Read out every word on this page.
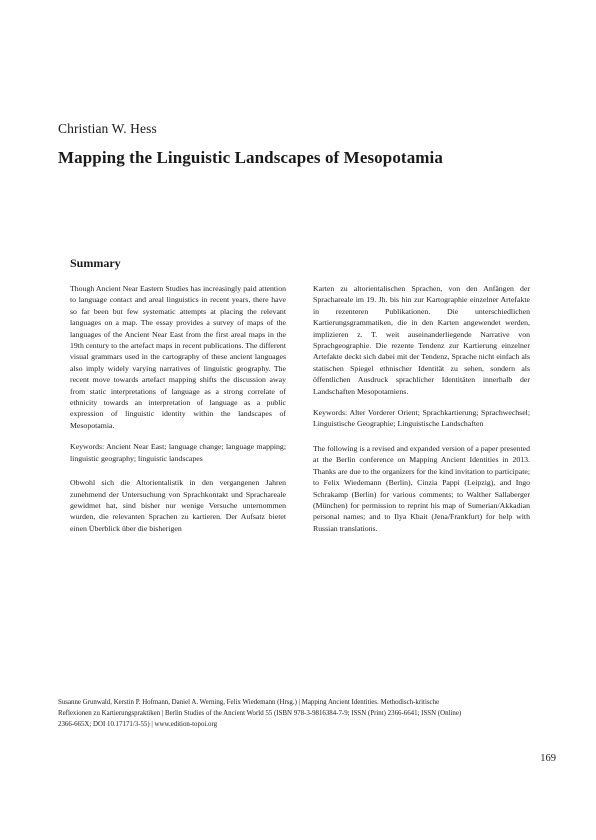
Christian W. Hess
Mapping the Linguistic Landscapes of Mesopotamia
Summary

Though Ancient Near Eastern Studies has increasingly paid attention to language contact and areal linguistics in recent years, there have so far been but few systematic attempts at placing the relevant languages on a map. The essay provides a survey of maps of the languages of the Ancient Near East from the first areal maps in the 19th century to the artefact maps in recent publications. The different visual grammars used in the cartography of these ancient languages also imply widely varying narratives of linguistic geography. The recent move towards artefact mapping shifts the discussion away from static interpretations of language as a strong correlate of ethnicity towards an interpretation of language as a public expression of linguistic identity within the landscapes of Mesopotamia.

Keywords: Ancient Near East; language change; language mapping; linguistic geography; linguistic landscapes

Obwohl sich die Altorientalistik in den vergangenen Jahren zunehmend der Untersuchung von Sprachkontakt und Sprachareale gewidmet hat, sind bisher nur wenige Versuche unternommen wurden, die relevanten Sprachen zu kartieren. Der Aufsatz bietet einen Überblick über die bisherigen

Karten zu altorientalischen Sprachen, von den Anfängen der Sprachareale im 19. Jh. bis hin zur Kartographie einzelner Artefakte in rezenteren Publikationen. Die unterschiedlichen Kartierungsgrammatiken, die in den Karten angewendet werden, implizieren z. T. weit auseinanderliegende Narrative von Sprachgeographie. Die rezente Tendenz zur Kartierung einzelner Artefakte deckt sich dabei mit der Tendenz, Sprache nicht einfach als statischen Spiegel ethnischer Identität zu sehen, sondern als öffentlichen Ausdruck sprachlicher Identitäten innerhalb der Landschaften Mesopotamiens.

Keywords: Alter Vorderer Orient; Sprachkartierung; Sprachwechsel; Linguistische Geographie; Linguistische Landschaften

The following is a revised and expanded version of a paper presented at the Berlin conference on Mapping Ancient Identities in 2013. Thanks are due to the organizers for the kind invitation to participate; to Felix Wiedemann (Berlin), Cinzia Pappi (Leipzig), and Ingo Schrakamp (Berlin) for various comments; to Walther Sallaberger (München) for permission to reprint his map of Sumerian/Akkadian personal names; and to Ilya Khait (Jena/Frankfurt) for help with Russian translations.

Susanne Grunwald, Kerstin P. Hofmann, Daniel A. Werning, Felix Wiedemann (Hrsg.) | Mapping Ancient Identities. Methodisch-kritische
Reflexionen zu Kartierungspraktiken | Berlin Studies of the Ancient World 55 (ISBN 978-3-9816384-7-9; ISSN (Print) 2366-6641; ISSN (Online)
2366-665X; DOI 10.17171/3-55) | www.edition-topoi.org
169
